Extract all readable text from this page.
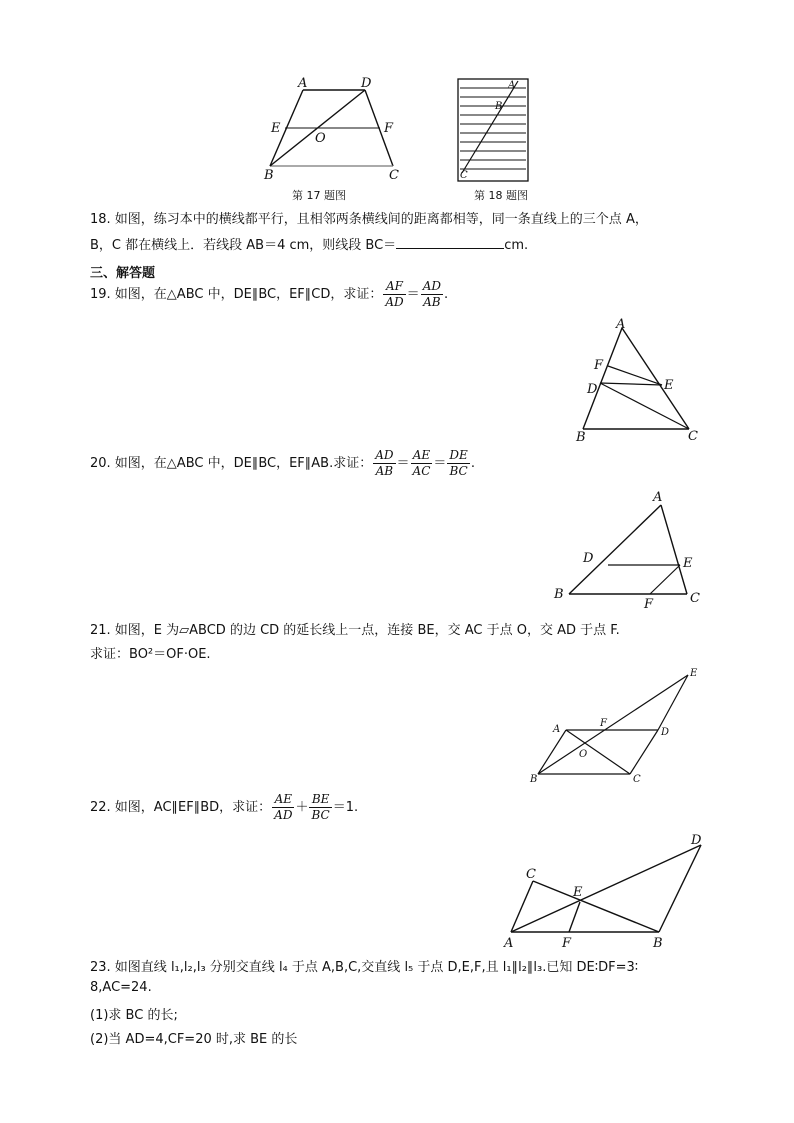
A	D
E	F
O
B	C
第 17 题图
A
B
C
第 18 题图
18. 如图，练习本中的横线都平行，且相邻两条横线间的距离都相等，同一条直线上的三个点 A，
B，C 都在横线上．若线段 AB＝4 cm，则线段 BC＝	cm.
三、解答题
19. 如图，在△ABC 中，DE∥BC，EF∥CD，求证： $\frac{AF}{AD} = \frac{AD}{AB}$ .
A
F
D	E
B	C
20. 如图，在△ABC 中，DE∥BC，EF∥AB.求证： $\frac{AD}{AB} = \frac{AE}{AC} = \frac{DE}{BC}$ .
A
D	E
B
F	C
21. 如图，E 为▱ABCD 的边 CD 的延长线上一点，连接 BE，交 AC 于点 O，交 AD 于点 F.
求证：BO²＝OF·OE.
E
A
F
D
O
B	C
22. 如图，AC∥EF∥BD，求证： $\frac{AE}{AD} + \frac{BE}{BC} =1$.
D
C
E
A	F	B
23. 如图直线 l₁,l₂,l₃ 分别交直线 l₄ 于点 A,B,C,交直线 l₅ 于点 D,E,F,且 l₁∥l₂∥l₃.已知 DE∶DF=3∶
8,AC=24.
(1)求 BC 的长;
(2)当 AD=4,CF=20 时,求 BE 的长
